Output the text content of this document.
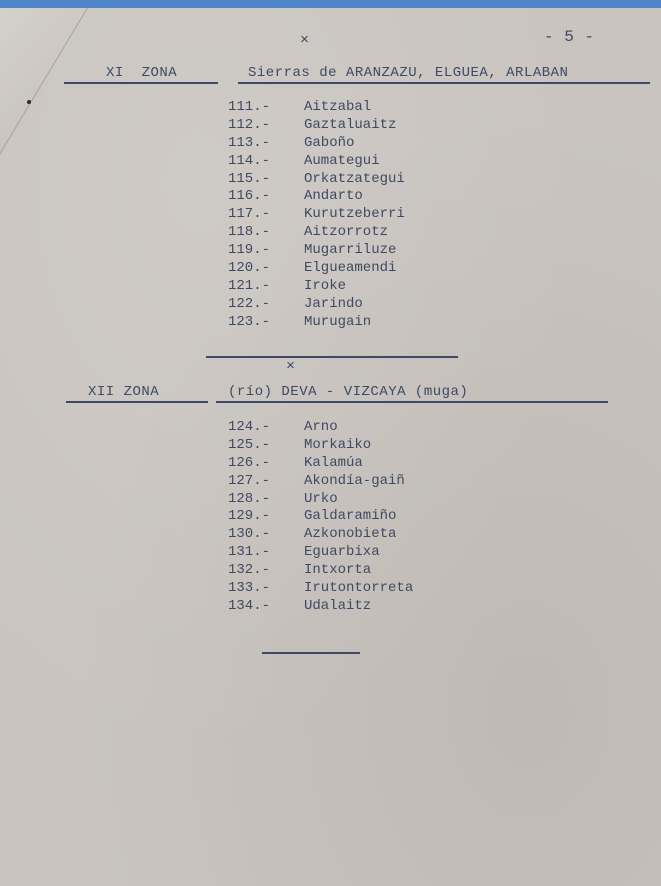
- 5 -
×
XI  ZONA	Sierras de ARANZAZU, ELGUEA, ARLABAN
111.-	Aitzabal
112.-	Gaztaluaitz
113.-	Gaboño
114.-	Aumategui
115.-	Orkatzategui
116.-	Andarto
117.-	Kurutzeberri
118.-	Aitzorrotz
119.-	Mugarriluze
120.-	Elgueamendi
121.-	Iroke
122.-	Jarindo
123.-	Murugain
×
XII ZONA	(río) DEVA - VIZCAYA (muga)
124.-	Arno
125.-	Morkaiko
126.-	Kalamúa
127.-	Akondía-gaiñ
128.-	Urko
129.-	Galdaramiño
130.-	Azkonobieta
131.-	Eguarbixa
132.-	Intxorta
133.-	Irutontorreta
134.-	Udalaitz
